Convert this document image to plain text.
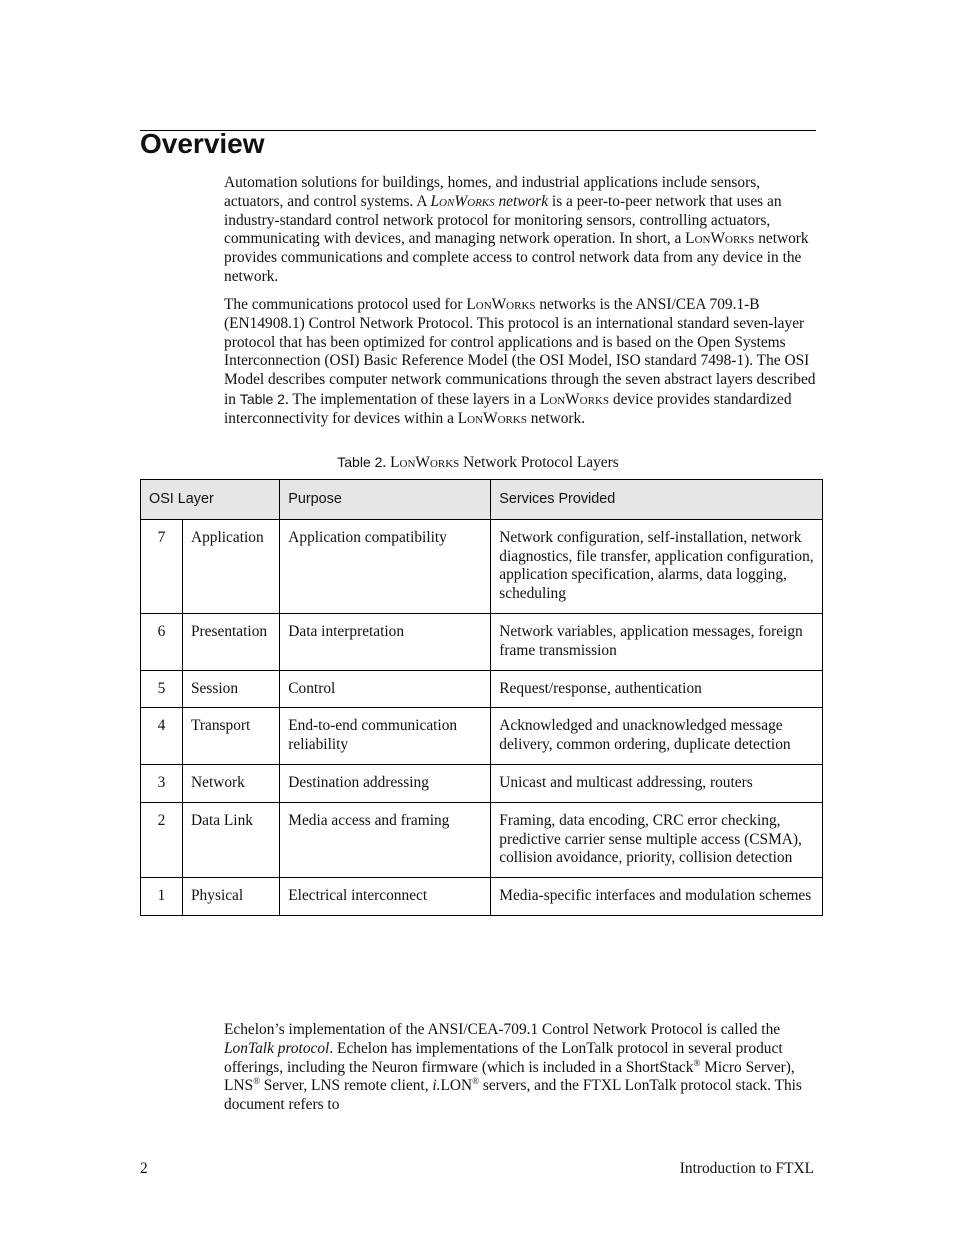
Overview

Automation solutions for buildings, homes, and industrial applications include sensors, actuators, and control systems. A LonWorks network is a peer-to-peer network that uses an industry-standard control network protocol for monitoring sensors, controlling actuators, communicating with devices, and managing network operation. In short, a LonWorks network provides communications and complete access to control network data from any device in the network.

The communications protocol used for LonWorks networks is the ANSI/CEA 709.1-B (EN14908.1) Control Network Protocol. This protocol is an international standard seven-layer protocol that has been optimized for control applications and is based on the Open Systems Interconnection (OSI) Basic Reference Model (the OSI Model, ISO standard 7498-1). The OSI Model describes computer network communications through the seven abstract layers described in Table 2. The implementation of these layers in a LonWorks device provides standardized interconnectivity for devices within a LonWorks network.

Table 2. LonWorks Network Protocol Layers

OSI Layer		Purpose	Services Provided
7	Application	Application compatibility	Network configuration, self-installation, network diagnostics, file transfer, application configuration, application specification, alarms, data logging, scheduling
6	Presentation	Data interpretation	Network variables, application messages, foreign frame transmission
5	Session	Control	Request/response, authentication
4	Transport	End-to-end communication reliability	Acknowledged and unacknowledged message delivery, common ordering, duplicate detection
3	Network	Destination addressing	Unicast and multicast addressing, routers
2	Data Link	Media access and framing	Framing, data encoding, CRC error checking, predictive carrier sense multiple access (CSMA), collision avoidance, priority, collision detection
1	Physical	Electrical interconnect	Media-specific interfaces and modulation schemes
2	Introduction to FTXL

Echelon’s implementation of the ANSI/CEA-709.1 Control Network Protocol is called the LonTalk protocol. Echelon has implementations of the LonTalk protocol in several product offerings, including the Neuron firmware (which is included in a ShortStack® Micro Server), LNS® Server, LNS remote client, i.LON® servers, and the FTXL LonTalk protocol stack. This document refers to
